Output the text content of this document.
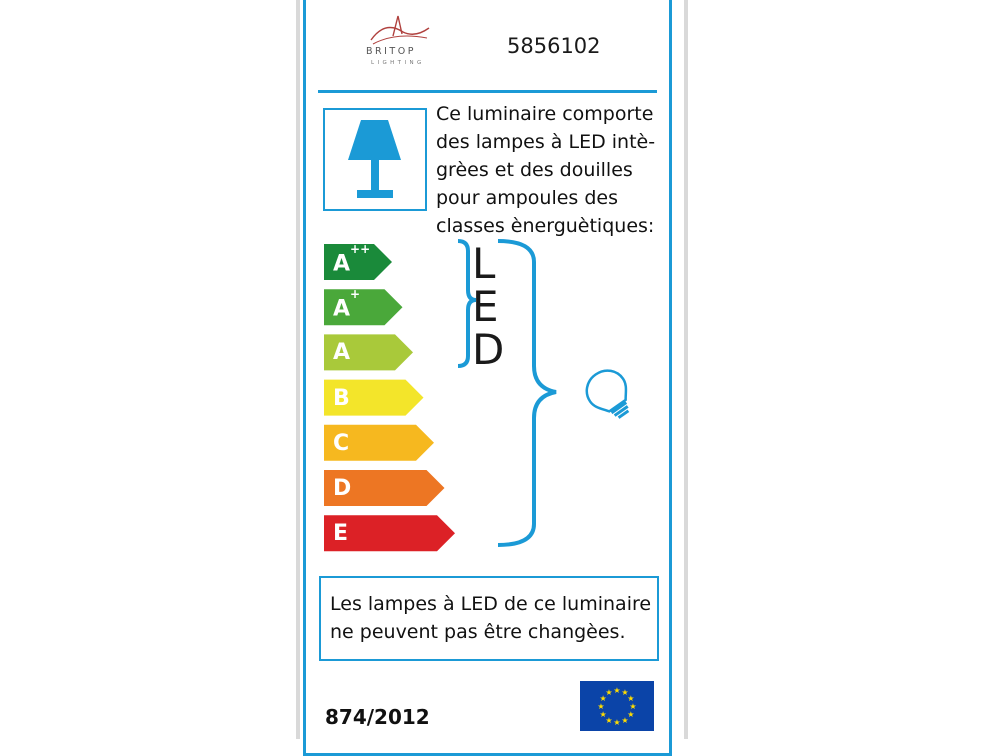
BRITOP
LIGHTING
5856102
Ce luminaire comporte
des lampes à LED intè-
grèes et des douilles
pour ampoules des
classes ènerguètiques:
A++
A+
A
B
C
D
E
L
E
D
Les lampes à LED de ce luminaire
ne peuvent pas être changèes.
874/2012
★ ★
★
★
★
★
★
★
★
★
★
★
